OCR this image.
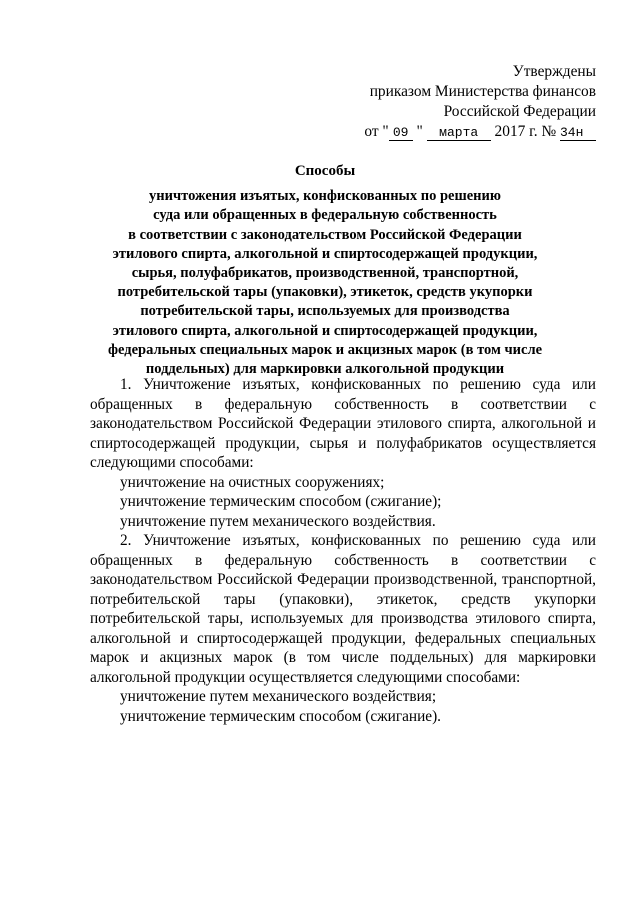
Утверждены
приказом Министерства финансов
Российской Федерации
от " 09 " марта 2017 г. № 34н
Способы
уничтожения изъятых, конфискованных по решению
суда или обращенных в федеральную собственность
в соответствии с законодательством Российской Федерации
этилового спирта, алкогольной и спиртосодержащей продукции,
сырья, полуфабрикатов, производственной, транспортной,
потребительской тары (упаковки), этикеток, средств укупорки
потребительской тары, используемых для производства
этилового спирта, алкогольной и спиртосодержащей продукции,
федеральных специальных марок и акцизных марок (в том числе
поддельных) для маркировки алкогольной продукции

1. Уничтожение изъятых, конфискованных по решению суда или обращенных в федеральную собственность в соответствии с законодательством Российской Федерации этилового спирта, алкогольной и спиртосодержащей продукции, сырья и полуфабрикатов осуществляется следующими способами:

уничтожение на очистных сооружениях;

уничтожение термическим способом (сжигание);

уничтожение путем механического воздействия.

2. Уничтожение изъятых, конфискованных по решению суда или обращенных в федеральную собственность в соответствии с законодательством Российской Федерации производственной, транспортной, потребительской тары (упаковки), этикеток, средств укупорки потребительской тары, используемых для производства этилового спирта, алкогольной и спиртосодержащей продукции, федеральных специальных марок и акцизных марок (в том числе поддельных) для маркировки алкогольной продукции осуществляется следующими способами:

уничтожение путем механического воздействия;

уничтожение термическим способом (сжигание).
